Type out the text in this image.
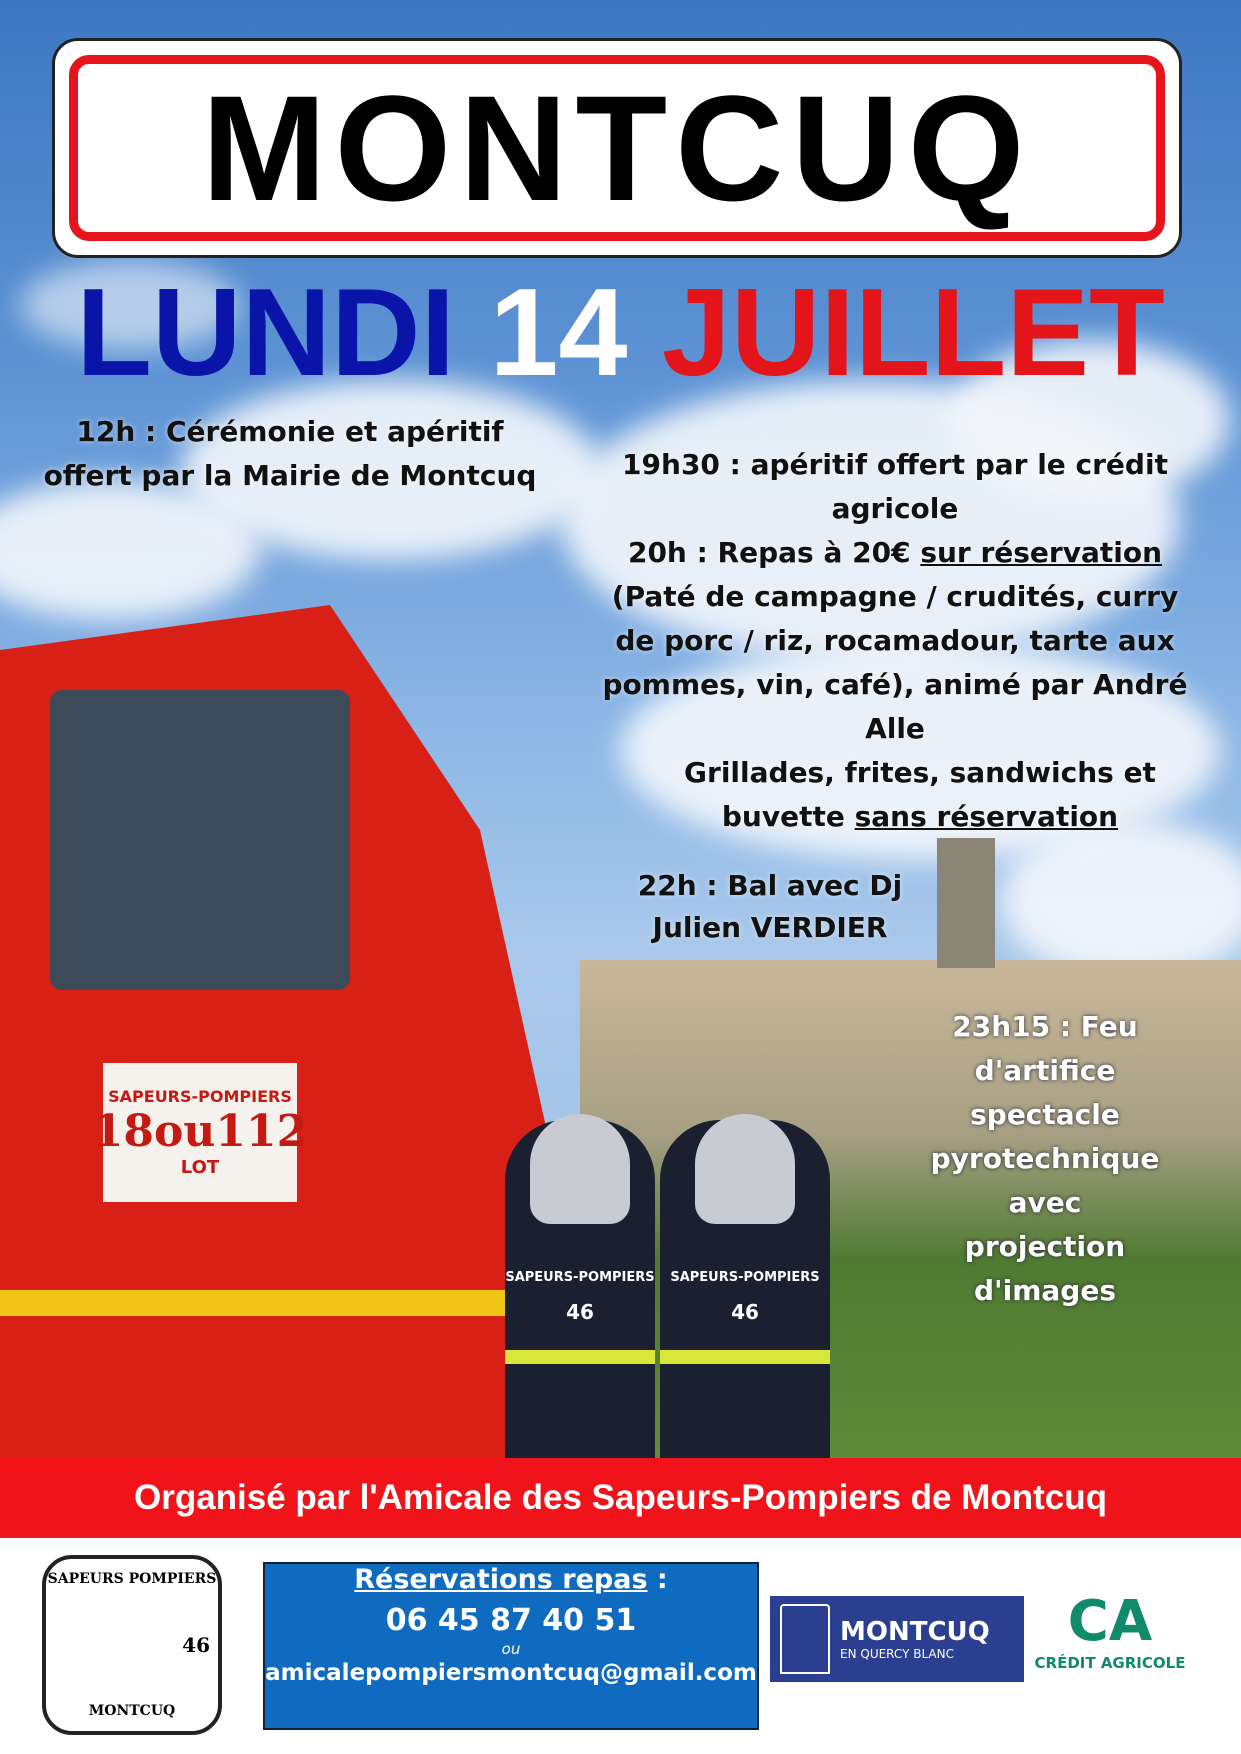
SAPEURS-POMPIERS
18ou112
LOT
SAPEURS-POMPIERS
46
SAPEURS-POMPIERS
46
MONTCUQ
LUNDI 14 JUILLET
12h : Cérémonie et apéritif
offert par la Mairie de Montcuq	19h30 : apéritif offert par le crédit
agricole
20h : Repas à 20€ sur réservation
(Paté de campagne / crudités, curry
de porc / riz, rocamadour, tarte aux
pommes, vin, café), animé par André
Alle
Grillades, frites, sandwichs et
buvette sans réservation
22h : Bal avec Dj
Julien VERDIER
23h15 : Feu
d'artifice
spectacle
pyrotechnique
avec
projection
d'images
Organisé par l'Amicale des Sapeurs-Pompiers de Montcuq
SAPEURS POMPIERS
46
MONTCUQ
Réservations repas :
06 45 87 40 51
ou
amicalepompiersmontcuq@gmail.com
MONTCUQ
EN QUERCY BLANC	CA
CRÉDIT AGRICOLE
